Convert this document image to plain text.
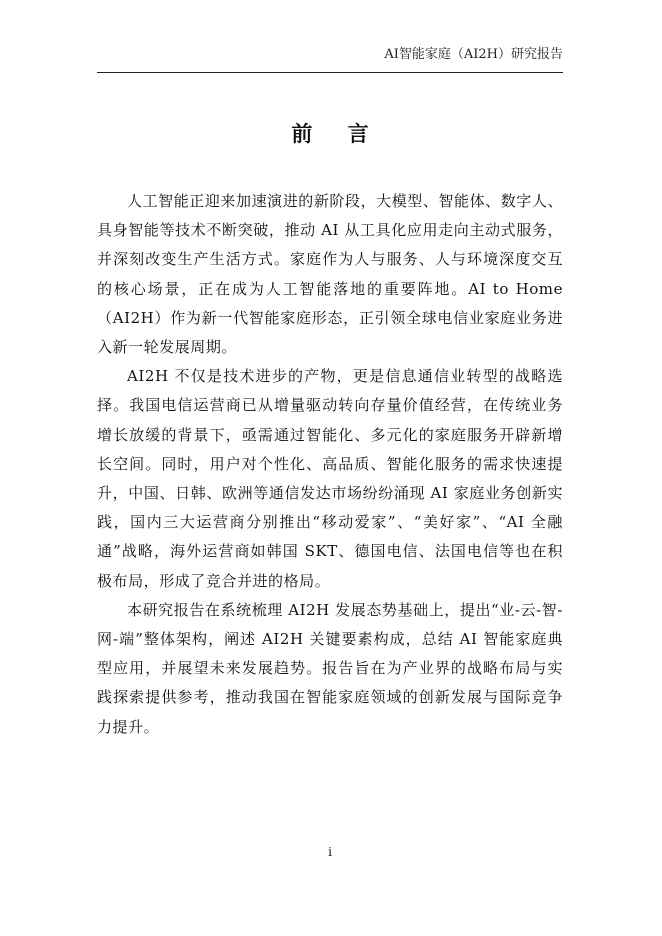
AI智能家庭（AI2H）研究报告
前 言

人工智能正迎来加速演进的新阶段，大模型、智能体、数字人、具身智能等技术不断突破，推动 AI 从工具化应用走向主动式服务，并深刻改变生产生活方式。家庭作为人与服务、人与环境深度交互的核心场景，正在成为人工智能落地的重要阵地。AI to Home（AI2H）作为新一代智能家庭形态，正引领全球电信业家庭业务进入新一轮发展周期。

AI2H 不仅是技术进步的产物，更是信息通信业转型的战略选择。我国电信运营商已从增量驱动转向存量价值经营，在传统业务增长放缓的背景下，亟需通过智能化、多元化的家庭服务开辟新增长空间。同时，用户对个性化、高品质、智能化服务的需求快速提升，中国、日韩、欧洲等通信发达市场纷纷涌现 AI 家庭业务创新实践，国内三大运营商分别推出“移动爱家”、“美好家”、“AI 全融通”战略，海外运营商如韩国 SKT、德国电信、法国电信等也在积极布局，形成了竞合并进的格局。

本研究报告在系统梳理 AI2H 发展态势基础上，提出“业-云-智-网-端”整体架构，阐述 AI2H 关键要素构成，总结 AI 智能家庭典型应用，并展望未来发展趋势。报告旨在为产业界的战略布局与实践探索提供参考，推动我国在智能家庭领域的创新发展与国际竞争力提升。

i
